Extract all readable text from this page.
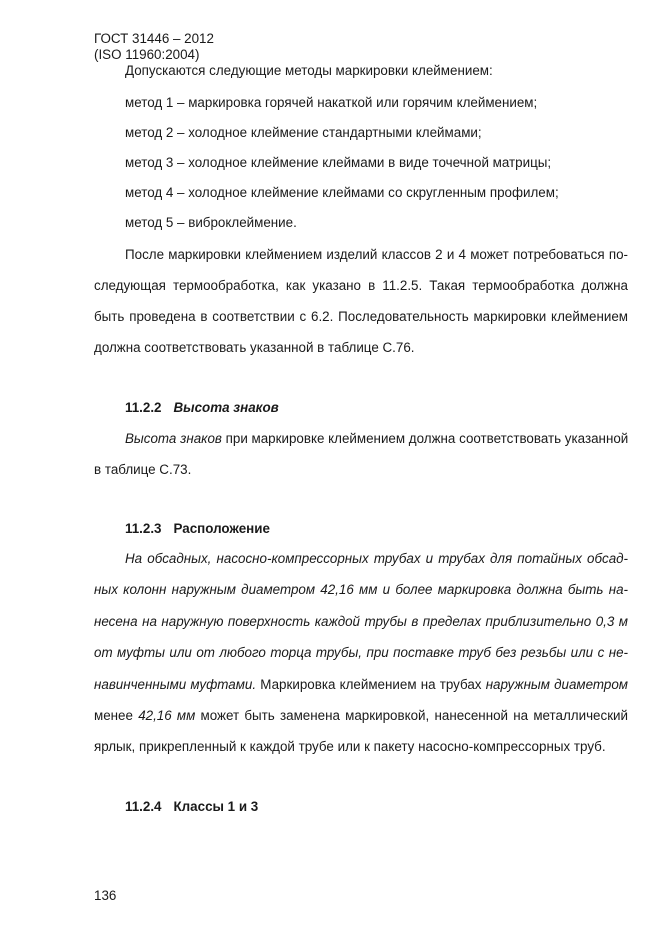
ГОСТ 31446 – 2012
(ISO 11960:2004)
Допускаются следующие методы маркировки клеймением:
метод 1 – маркировка горячей накаткой или горячим клеймением;
метод 2 – холодное клеймение стандартными клеймами;
метод 3 – холодное клеймение клеймами в виде точечной матрицы;
метод 4 – холодное клеймение клеймами со скругленным профилем;
метод 5 – виброклеймение.
После маркировки клеймением изделий классов 2 и 4 может потребоваться по-
следующая термообработка, как указано в 11.2.5. Такая термообработка должна
быть проведена в соответствии с 6.2. Последовательность маркировки клеймением
должна соответствовать указанной в таблице С.76.
11.2.2 Высота знаков
Высота знаков при маркировке клеймением должна соответствовать указанной
в таблице С.73.
11.2.3 Расположение
На обсадных, насосно-компрессорных трубах и трубах для потайных обсад-
ных колонн наружным диаметром 42,16 мм и более маркировка должна быть на-
несена на наружную поверхность каждой трубы в пределах приблизительно 0,3 м
от муфты или от любого торца трубы, при поставке труб без резьбы или с не-
навинченными муфтами. Маркировка клеймением на трубах наружным диаметром
менее 42,16 мм может быть заменена маркировкой, нанесенной на металлический
ярлык, прикрепленный к каждой трубе или к пакету насосно-компрессорных труб.
11.2.4 Классы 1 и 3
136
